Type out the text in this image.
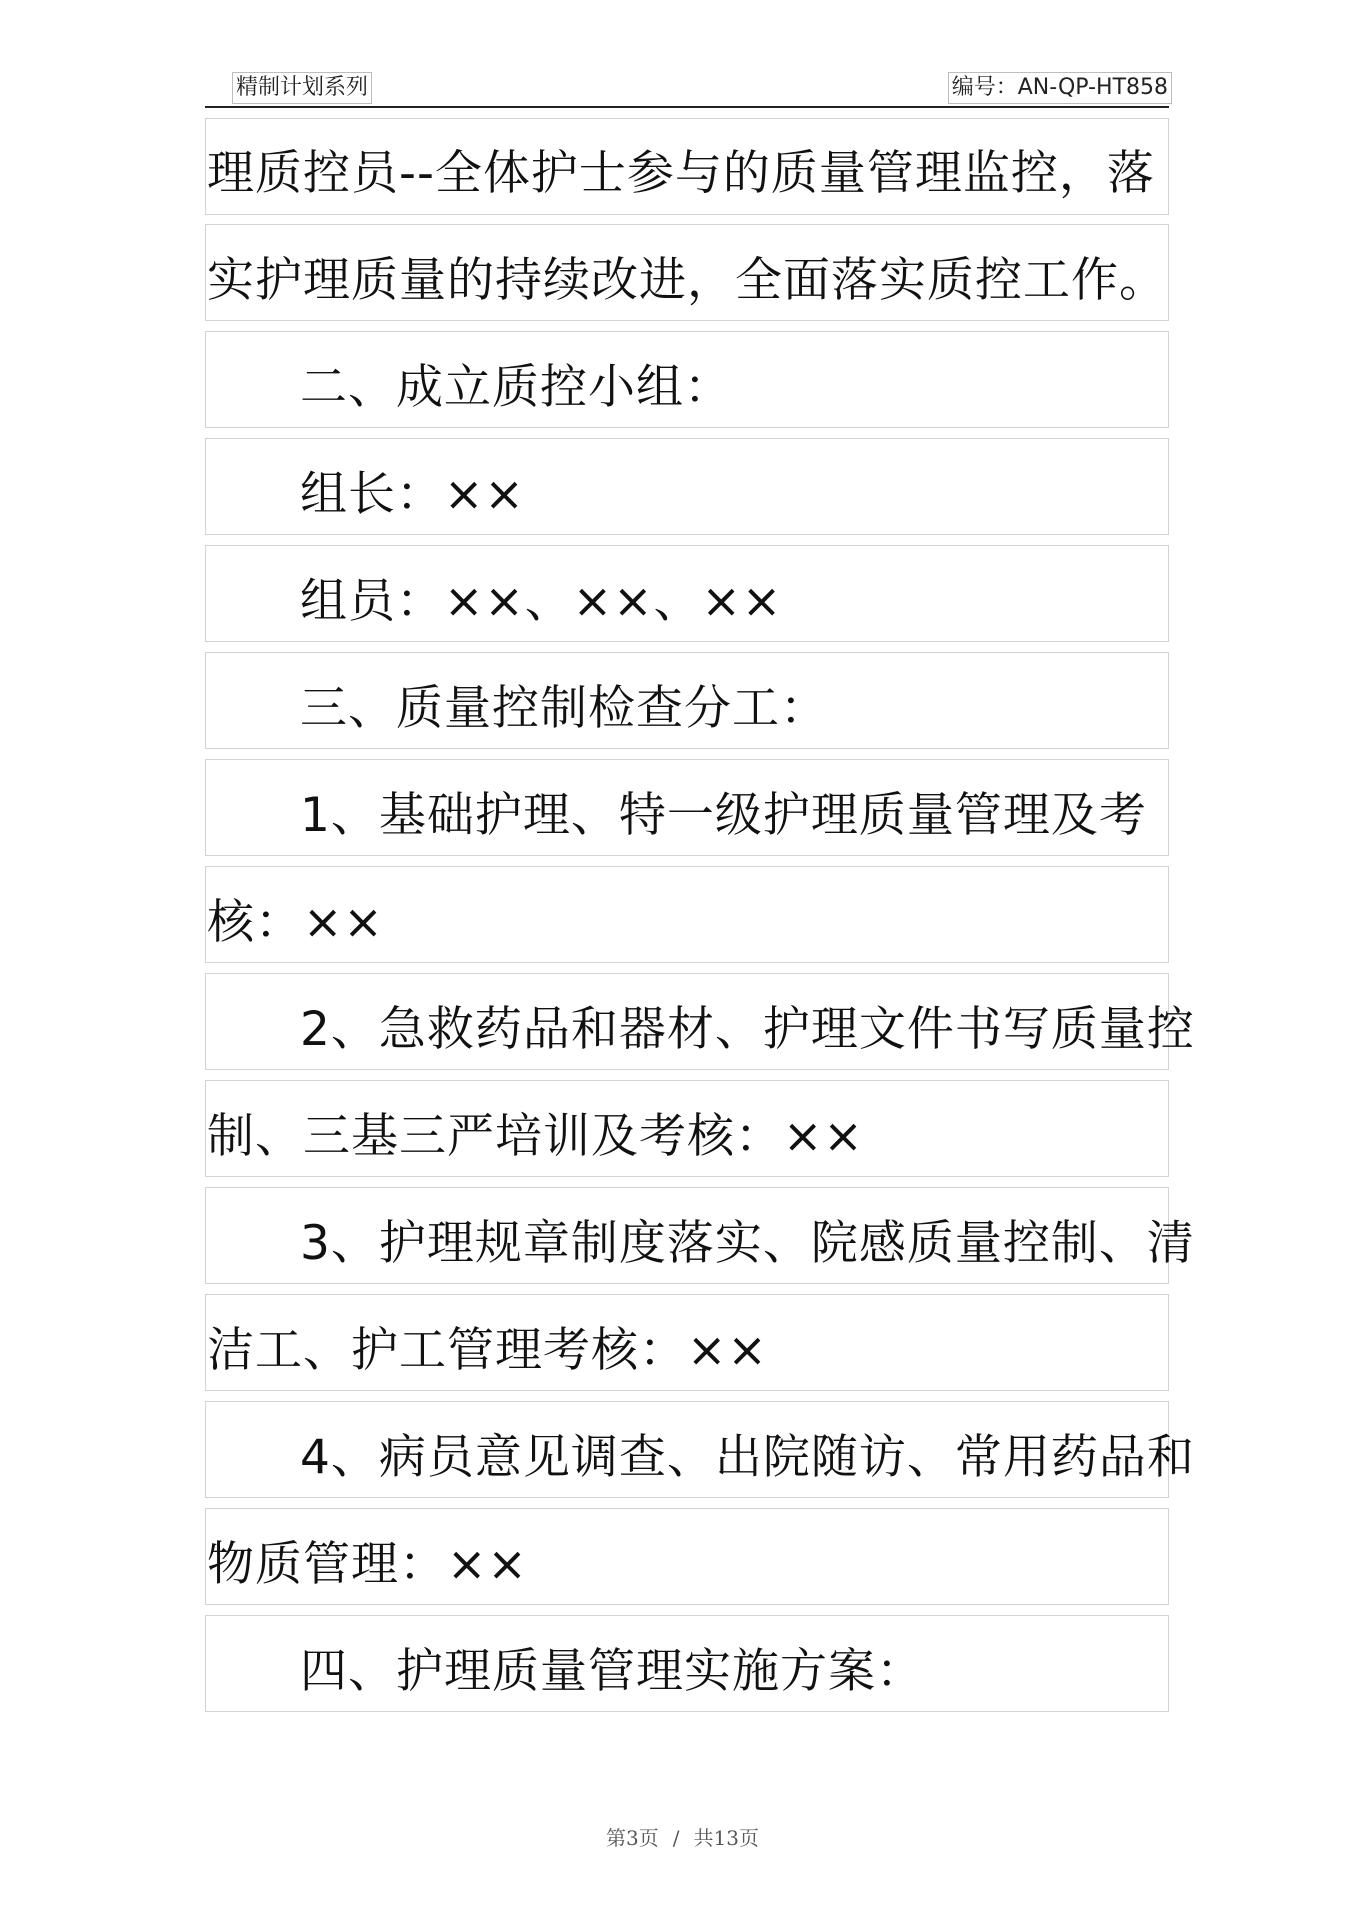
精制计划系列	编号：AN-QP-HT858
理质控员--全体护士参与的质量管理监控，落
实护理质量的持续改进，全面落实质控工作。
二、成立质控小组：
组长：××
组员：××、××、××
三、质量控制检查分工：
1、基础护理、特一级护理质量管理及考
核：××
2、急救药品和器材、护理文件书写质量控
制、三基三严培训及考核：××
3、护理规章制度落实、院感质量控制、清
洁工、护工管理考核：××
4、病员意见调查、出院随访、常用药品和
物质管理：××
四、护理质量管理实施方案：
第3页 / 共13页
